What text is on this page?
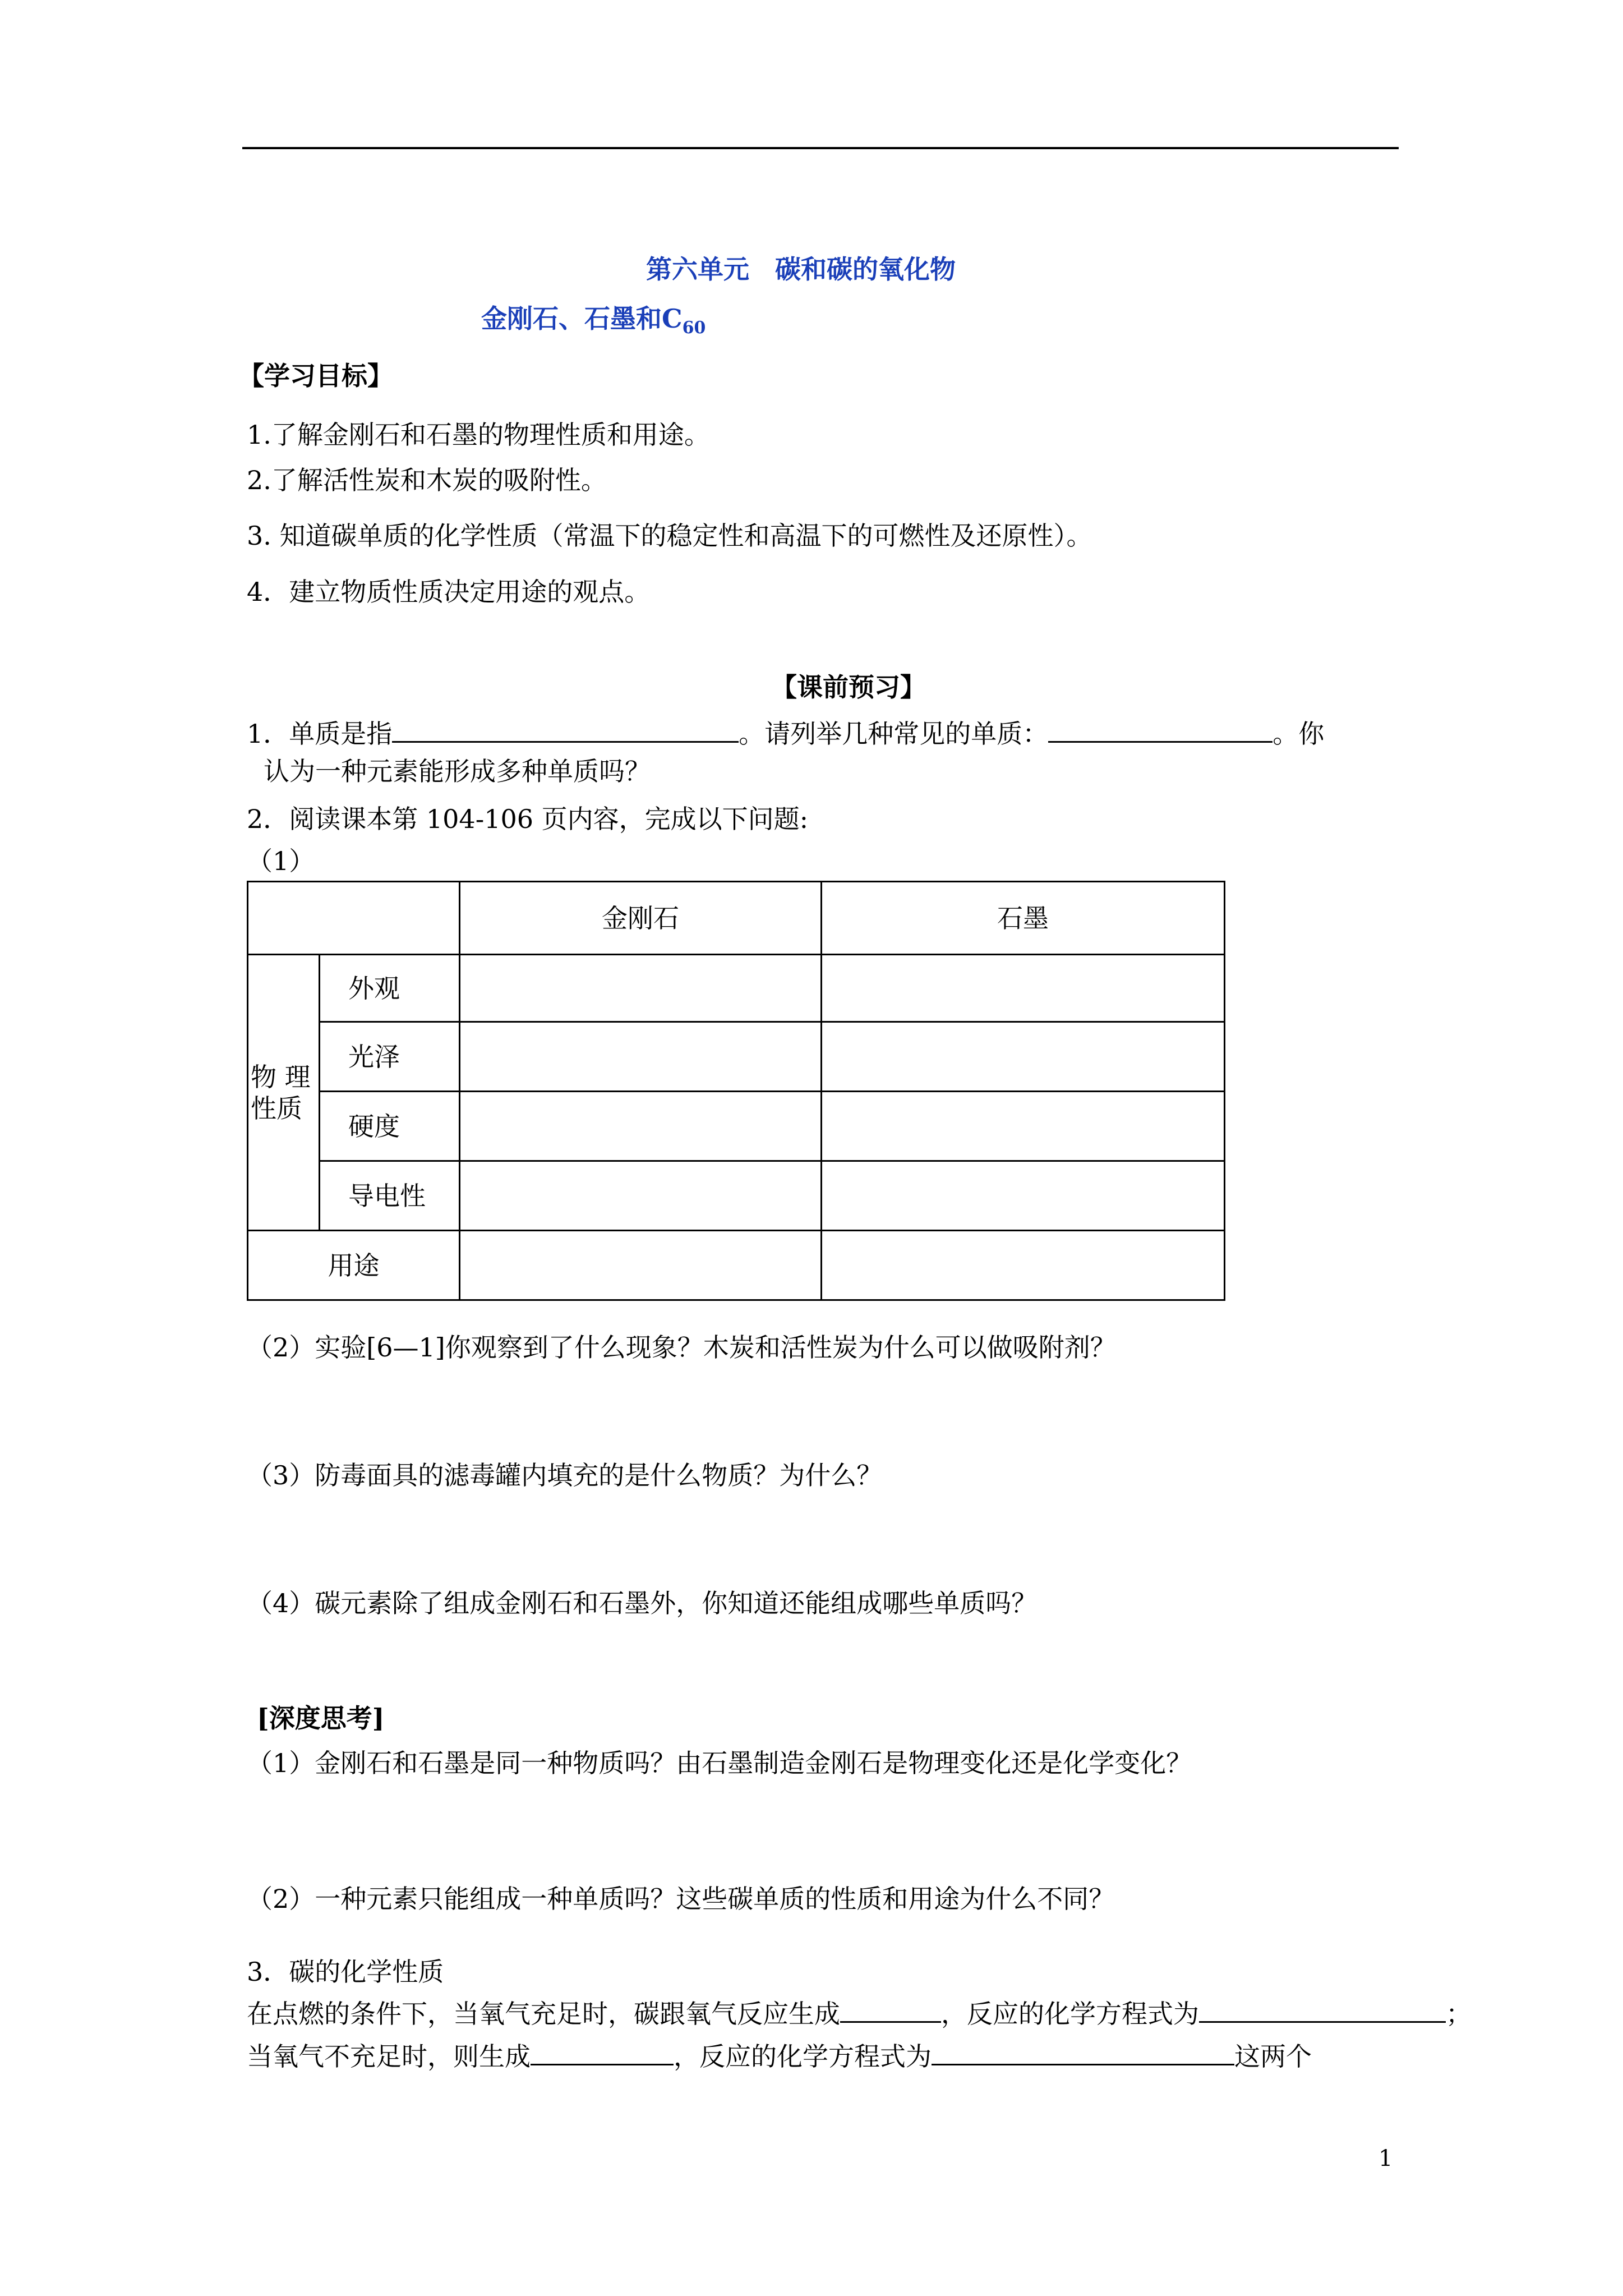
第六单元 碳和碳的氧化物
金刚石、石墨和$C_{60}$
【学习目标】
1.了解金刚石和石墨的物理性质和用途。
2.了解活性炭和木炭的吸附性。
3. 知道碳单质的化学性质（常温下的稳定性和高温下的可燃性及还原性）。
4．建立物质性质决定用途的观点。
【课前预习】
1．单质是指	。请列举几种常见的单质：	。你
认为一种元素能形成多种单质吗？
2．阅读课本第 104-106 页内容，完成以下问题:
（1）
		金刚石	石墨
物 理性质	外观		
	光泽		
	硬度		
	导电性		
用途			
（2）实验[6—1]你观察到了什么现象？木炭和活性炭为什么可以做吸附剂？
（3）防毒面具的滤毒罐内填充的是什么物质？为什么？
（4）碳元素除了组成金刚石和石墨外，你知道还能组成哪些单质吗？
[深度思考]
（1）金刚石和石墨是同一种物质吗？由石墨制造金刚石是物理变化还是化学变化？
（2）一种元素只能组成一种单质吗？这些碳单质的性质和用途为什么不同？
3．碳的化学性质
在点燃的条件下，当氧气充足时，碳跟氧气反应生成	，反应的化学方程式为	；
当氧气不充足时，则生成	，反应的化学方程式为	这两个
1
